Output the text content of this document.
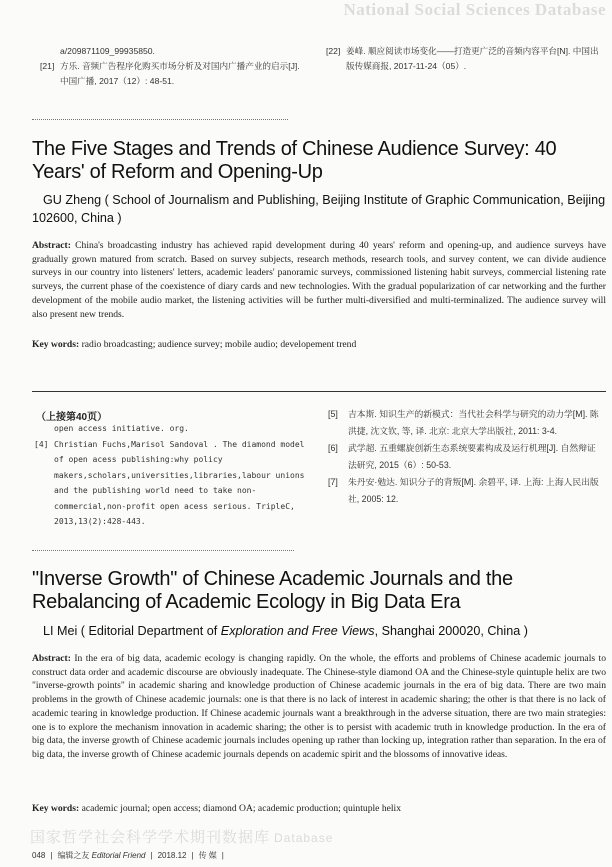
National Social Sciences Database
a/209871109_99935850.
[21] 方乐. 音频广告程序化购买市场分析及对国内广播产业的启示[J]. 中国广播, 2017（12）: 48-51.
[22] 姜峰. 顺应阅读市场变化——打造更广泛的音频内容平台[N]. 中国出版传媒商报, 2017-11-24（05）.
The Five Stages and Trends of Chinese Audience Survey: 40 Years' of Reform and Opening-Up
GU Zheng ( School of Journalism and Publishing, Beijing Institute of Graphic Communication, Beijing 102600, China )
Abstract: China's broadcasting industry has achieved rapid development during 40 years' reform and opening-up, and audience surveys have gradually grown matured from scratch. Based on survey subjects, research methods, research tools, and survey content, we can divide audience surveys in our country into listeners' letters, academic leaders' panoramic surveys, commissioned listening habit surveys, commercial listening rate surveys, the current phase of the coexistence of diary cards and new technologies. With the gradual popularization of car networking and the further development of the mobile audio market, the listening activities will be further multi-diversified and multi-terminalized. The audience survey will also present new trends.
Key words: radio broadcasting; audience survey; mobile audio; developement trend
（上接第40页）
open access initiative. org.
[4] Christian Fuchs,Marisol Sandoval . The diamond model of open acess publishing:why policy makers,scholars,universities,libraries,labour unions and the publishing world need to take non-commercial,non-profit open acess serious. TripleC, 2013,13(2):428-443.
[5]	吉本斯. 知识生产的新模式：当代社会科学与研究的动力学[M]. 陈洪捷, 沈文钦, 等, 译. 北京: 北京大学出版社, 2011: 3-4.
[6]	武学超. 五重螺旋创新生态系统要素构成及运行机理[J]. 自然辩证法研究, 2015（6）: 50-53.
[7]	朱丹安·勉达. 知识分子的背叛[M]. 余碧平, 译. 上海: 上海人民出版社, 2005: 12.
"Inverse Growth" of Chinese Academic Journals and the Rebalancing of Academic Ecology in Big Data Era
LI Mei ( Editorial Department of Exploration and Free Views, Shanghai 200020, China )
Abstract: In the era of big data, academic ecology is changing rapidly. On the whole, the efforts and problems of Chinese academic journals to construct data order and academic discourse are obviously inadequate. The Chinese-style diamond OA and the Chinese-style quintuple helix are two "inverse-growth points" in academic sharing and knowledge production of Chinese academic journals in the era of big data. There are two main problems in the growth of Chinese academic journals: one is that there is no lack of interest in academic sharing; the other is that there is no lack of academic tearing in knowledge production. If Chinese academic journals want a breakthrough in the adverse situation, there are two main strategies: one is to explore the mechanism innovation in academic sharing; the other is to persist with academic truth in knowledge production. In the era of big data, the inverse growth of Chinese academic journals includes opening up rather than locking up, integration rather than separation. In the era of big data, the inverse growth of Chinese academic journals depends on academic spirit and the blossoms of innovative ideas.
Key words: academic journal; open access; diamond OA; academic production; quintuple helix
国家哲学社会科学学术期刊数据库 Database
048 | 编辑之友 Editorial Friend | 2018.12 | 传 媒 |
